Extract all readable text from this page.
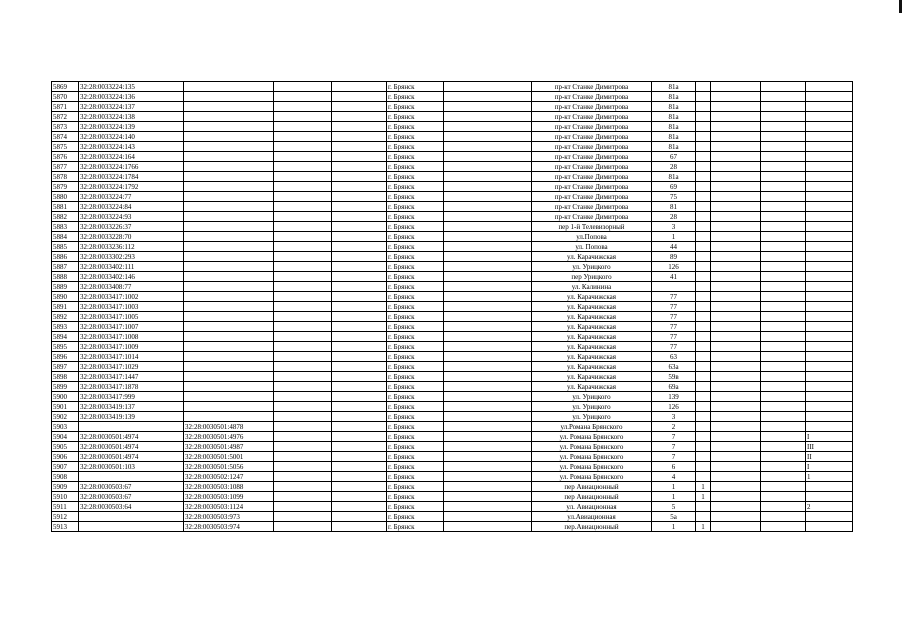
5869	32:28:0033224:135				г. Брянск		пр-кт Станке Димитрова	81а				
5870	32:28:0033224:136				г. Брянск		пр-кт Станке Димитрова	81а				
5871	32:28:0033224:137				г. Брянск		пр-кт Станке Димитрова	81а				
5872	32:28:0033224:138				г. Брянск		пр-кт Станке Димитрова	81а				
5873	32:28:0033224:139				г. Брянск		пр-кт Станке Димитрова	81а				
5874	32:28:0033224:140				г. Брянск		пр-кт Станке Димитрова	81а				
5875	32:28:0033224:143				г. Брянск		пр-кт Станке Димитрова	81а				
5876	32:28:0033224:164				г. Брянск		пр-кт Станке Димитрова	67				
5877	32:28:0033224:1766				г. Брянск		пр-кт Станке Димитрова	28				
5878	32:28:0033224:1784				г. Брянск		пр-кт Станке Димитрова	81а				
5879	32:28:0033224:1792				г. Брянск		пр-кт Станке Димитрова	69				
5880	32:28:0033224:77				г. Брянск		пр-кт Станке Димитрова	75				
5881	32:28:0033224:84				г. Брянск		пр-кт Станке Димитрова	81				
5882	32:28:0033224:93				г. Брянск		пр-кт Станке Димитрова	28				
5883	32:28:0033226:37				г. Брянск		пер 1-й Телевизорный	3				
5884	32:28:0033228:70				г. Брянск		ул.Попова	1				
5885	32:28:0033236:112				г. Брянск		ул. Попова	44				
5886	32:28:0033302:293				г. Брянск		ул. Карачижская	89				
5887	32:28:0033402:111				г. Брянск		ул. Урицкого	126				
5888	32:28:0033402:146				г. Брянск		пер Урицкого	41				
5889	32:28:0033408:77				г. Брянск		ул. Калинина					
5890	32:28:0033417:1002				г. Брянск		ул. Карачижская	77				
5891	32:28:0033417:1003				г. Брянск		ул. Карачижская	77				
5892	32:28:0033417:1005				г. Брянск		ул. Карачижская	77				
5893	32:28:0033417:1007				г. Брянск		ул. Карачижская	77				
5894	32:28:0033417:1008				г. Брянск		ул. Карачижская	77				
5895	32:28:0033417:1009				г. Брянск		ул. Карачижская	77				
5896	32:28:0033417:1014				г. Брянск		ул. Карачижская	63				
5897	32:28:0033417:1029				г. Брянск		ул. Карачижская	63а				
5898	32:28:0033417:1447				г. Брянск		ул. Карачижская	59в				
5899	32:28:0033417:1878				г. Брянск		ул. Карачижская	69а				
5900	32:28:0033417:999				г. Брянск		ул. Урицкого	139				
5901	32:28:0033419:137				г. Брянск		ул. Урицкого	126				
5902	32:28:0033419:139				г. Брянск		ул. Урицкого	3				
5903		32:28:0030501:4878			г. Брянск		ул.Романа Брянского	2				
5904	32:28:0030501:4974	32:28:0030501:4976			г. Брянск		ул. Романа Брянского	7				I
5905	32:28:0030501:4974	32:28:0030501:4987			г. Брянск		ул. Романа Брянского	7				III
5906	32:28:0030501:4974	32:28:0030501:5001			г. Брянск		ул. Романа Брянского	7				II
5907	32:28:0030501:103	32:28:0030501:5056			г. Брянск		ул. Романа Брянского	6				I
5908		32:28:0030502:1247			г. Брянск		ул. Романа Брянского	4				1
5909	32:28:0030503:67	32:28:0030503:1088			г. Брянск		пер Авиационный	1	1			
5910	32:28:0030503:67	32:28:0030503:1099			г. Брянск		пер Авиационный	1	1			
5911	32:28:0030503:64	32:28:0030503:1124			г. Брянск		ул. Авиационная	5				2
5912		32:28:0030503:973			г. Брянск		ул.Авиационная	5а				
5913		32:28:0030503:974			г. Брянск		пер.Авиационный	1	1			
